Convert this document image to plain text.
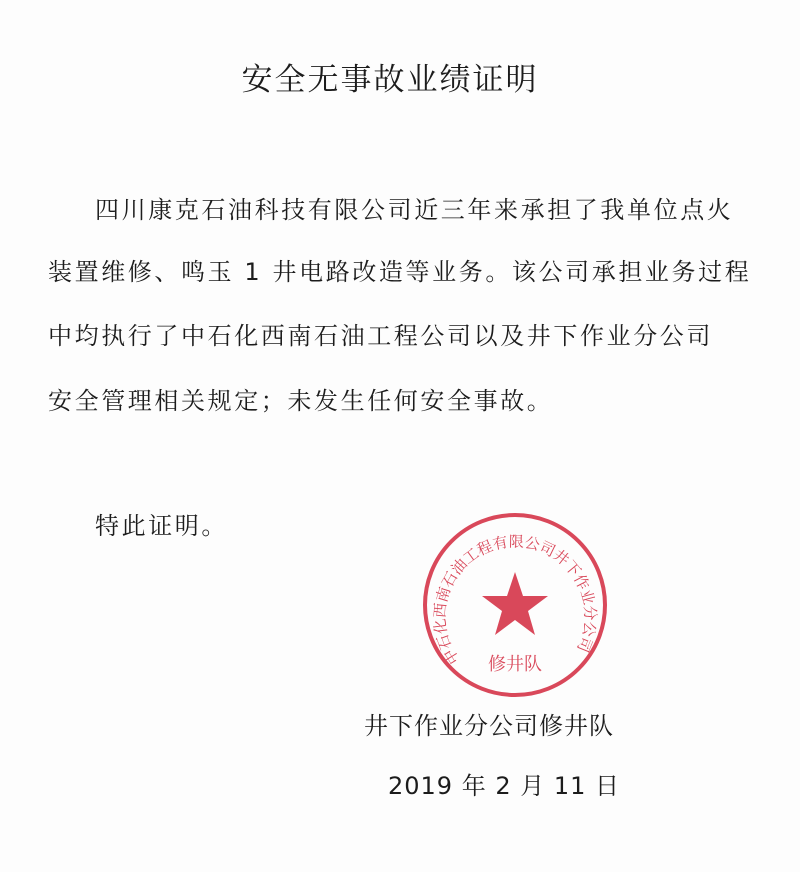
安全无事故业绩证明
四川康克石油科技有限公司近三年来承担了我单位点火
装置维修、鸣玉 1 井电路改造等业务。该公司承担业务过程
中均执行了中石化西南石油工程公司以及井下作业分公司
安全管理相关规定；未发生任何安全事故。
特此证明。
中石化西南石油工程有限公司井下作业分公司
修井队
井下作业分公司修井队
2019 年 2 月 11 日
